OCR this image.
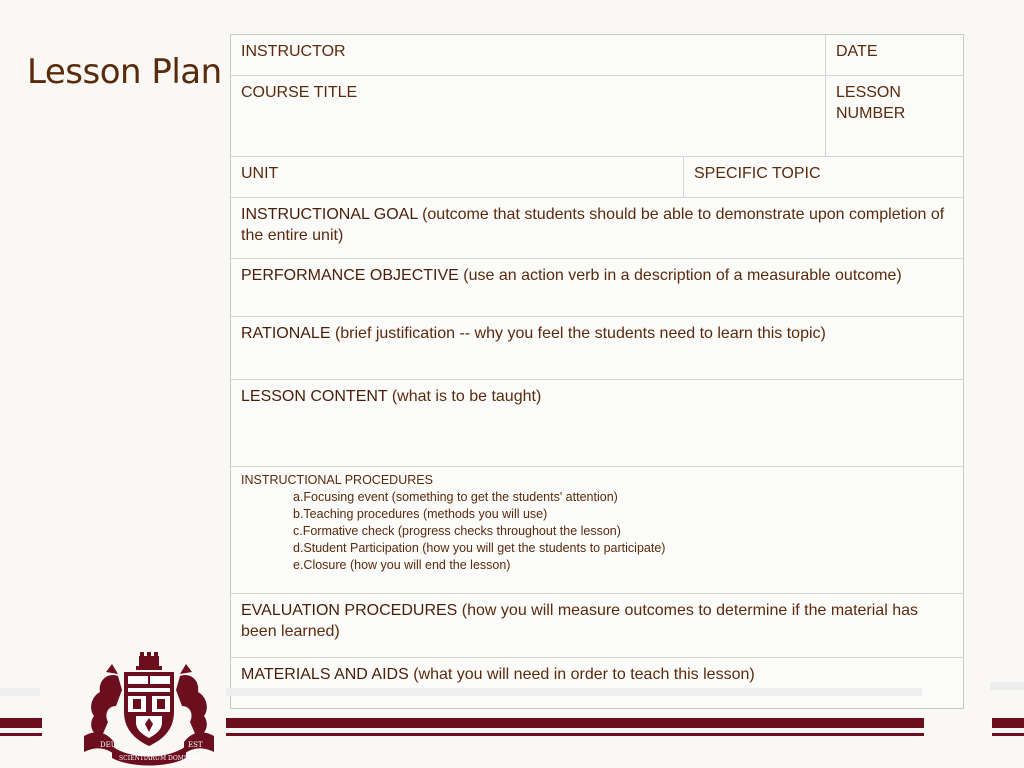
Lesson Plan
INSTRUCTOR	DATE
COURSE TITLE	LESSON NUMBER
UNIT	SPECIFIC TOPIC
INSTRUCTIONAL GOAL (outcome that students should be able to demonstrate upon completion of the entire unit)
PERFORMANCE OBJECTIVE (use an action verb in a description of a measurable outcome)
RATIONALE (brief justification -- why you feel the students need to learn this topic)
LESSON CONTENT (what is to be taught)
INSTRUCTIONAL PROCEDURES
a.Focusing event (something to get the students' attention)
b.Teaching procedures (methods you will use)
c.Formative check (progress checks throughout the lesson)
d.Student Participation (how you will get the students to participate)
e.Closure (how you will end the lesson)
EVALUATION PROCEDURES (how you will measure outcomes to determine if the material has been learned)
MATERIALS AND AIDS (what you will need in order to teach this lesson)
DEUS	EST
SCIENTIARUM DOMINUS
